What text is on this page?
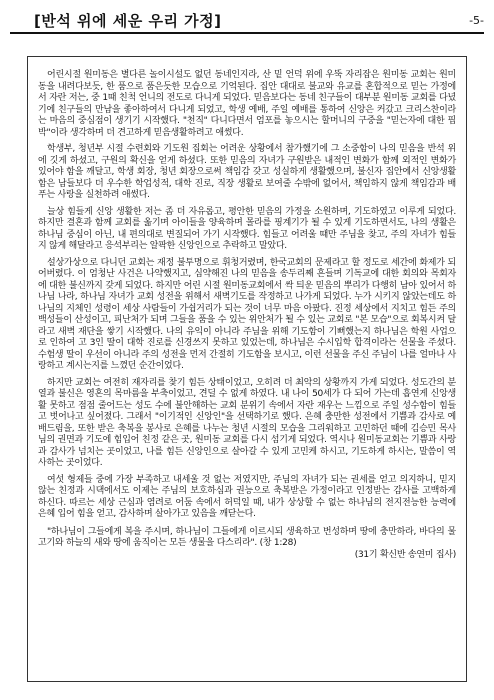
[반석 위에 세운 우리 가정]	-5-

어린시절 원미동은 별다른 놀이시설도 없던 동네인지라, 산 밑 언덕 위에 우뚝 자리잡은 원미동 교회는 원미동을 내려다보듯, 한 품으로 품은듯한 모습으로 기억된다. 집안 대대로 불교와 유교를 혼합적으로 믿는 가정에서 자란 저는, 중 1때 친척 언니의 전도로 다니게 되었다. 믿음보다는 동네 친구들이 대부분 원미동 교회를 다녔기에 친구들의 만남을 좋아하여서 다니게 되었고, 학생 예배, 주일 예배를 통하여 신앙은 커갔고 크리스찬이라는 마음의 중심점이 생기기 시작했다. "천직" 다니다면서 엄포를 놓으시는 할머니의 구중을 "믿는자에 대한 핍박"이라 생각하며 더 견고하게 믿음생활하려고 애썼다.

학생부, 청년부 시절 수련회와 기도원 집회는 어려운 상황에서 참가했기에 그 소중함이 나의 믿음을 반석 위에 깃게 하셨고, 구원의 확신을 얻게 하셨다. 또한 믿음의 자녀가 구원받은 내적인 변화가 함께 외적인 변화가 있어야 함을 깨달고, 학생 회장, 청년 회장으로써 책임감 갖고 성실하게 생활했으며, 불신자 집안에서 신앙생활 함은 남들보다 더 우수한 학업성적, 대학 진로, 직장 생활로 보여줄 수밖에 없어서, 책임하지 않게 책임감과 배푸는 사랑을 실천하려 애썼다.

늘상 힘들게 신앙 생활한 저는 좀 더 자유롭고, 평안한 믿음의 가정을 소원하며, 기도하였고 이루게 되었다. 하지만 결혼과 함께 교회를 옮기며 아이들을 양육하며 몰라를 핑계기가 될 수 있게 기도하면서도, 나의 생활은 하나님 중심이 아닌, 내 편의대로 변질되어 가기 시작했다. 힘들고 어려울 때만 주님을 찾고, 주의 자녀가 힘들지 않게 해달라고 응석부리는 알팍한 신앙인으로 추락하고 말았다.

설상가상으로 다니던 교회는 재정 불투명으로 휘청거렸며, 한국교회의 문제라고 할 정도로 세간에 화제가 되어버렸다. 이 엄청난 사건은 나약했지고, 심약해진 나의 믿음을 송두리째 흔들며 기독교에 대한 회의와 목회자에 대한 불신까지 갖게 되었다. 하지만 어린 시절 원미동교회에서 싹 틔운 믿음의 뿌리가 다행히 남아 있어서 하나님 나라, 하나님 자녀가 교회 성전을 위해서 새벽기도를 작정하고 나가게 되었다. 누가 시키지 않았는데도 하나님의 지체인 성령이 세상 사람들이 가쉽거리가 되는 것이 너무 마음 아팠다. 진정 세상에서 지치고 힘든 주의 백성들이 산성이고, 피난처가 되며 그들을 품을 수 있는 위안처가 될 수 있는 교회로 "본 모습"으로 회복시켜 달라고 새벽 재단을 쌓기 시작했다. 나의 유익이 아니라 주님을 위해 기도함이 기뻐했는지 하나님은 학원 사업으로 인하여 고 3인 딸이 대학 진로를 신경쓰지 못하고 있었는데, 하나님은 수시입학 합격이라는 선물을 주셨다. 수험생 딸이 우선이 아니라 주의 성전을 먼저 간절히 기도함을 보시고, 이런 선물을 주신 주님이 나를 얼마나 사랑하고 계시는지를 느꼈던 순간이었다.

하지만 교회는 여전히 재자리를 찾기 힘든 상태이었고, 오히려 더 최악의 상황까지 가게 되었다. 성도간의 분열과 불신은 영혼의 목마름을 부축이었고, 견딜 수 없게 하였다. 내 나이 50세가 다 되어 가는데 흡연게 신앙생활 못하고 점점 줄어드는 성도 수에 불안해하는 교회 분위기 속에서 자란 재우는 느낌으로 주일 성수함이 힘들고 벗어나고 싶어졌다. 그래서 "이기적인 신앙인"을 선택하기로 했다. 은혜 충만한 성전에서 기쁨과 감사로 예배드림을, 또한 받은 축복을 봉사로 은혜를 나누는 청년 시절의 모습을 그리워하고 고민하던 때에 김승민 목사님의 권면과 기도에 힘입어 친정 같은 곳, 원미동 교회를 다시 섬기게 되었다. 역시나 원미동교회는 기쁨과 사랑과 감사가 넘치는 곳이었고, 나를 힘든 신앙인으로 살아갈 수 있게 고민케 하시고, 기도하게 하시는, 말씀이 역사하는 곳이었다.

여섯 형제들 중에 가장 부족하고 내세울 것 없는 저였지만, 주님의 자녀가 되는 권세를 얻고 의지하니, 믿지 않는 친정과 시댁에서도 이제는 주님의 보호하심과 권능으로 축복받은 가정이라고 인정받는 감사를 고백하게 하신다. 따르는 세상 근심과 염려로 어둠 속에서 허덕일 때, 내가 상상할 수 없는 하나님의 전지전능한 능력에 은혜 입어 힘을 얻고, 감사하며 살아가고 있음을 깨닫는다.

"하나님이 그들에게 복을 주시며, 하나님이 그들에게 이르시되 생육하고 번성하며 땅에 충만하라, 바다의 물고기와 하늘의 새와 땅에 움직이는 모든 생물을 다스리라". (창 1:28)

(31기 확신반 송연미 집사)
